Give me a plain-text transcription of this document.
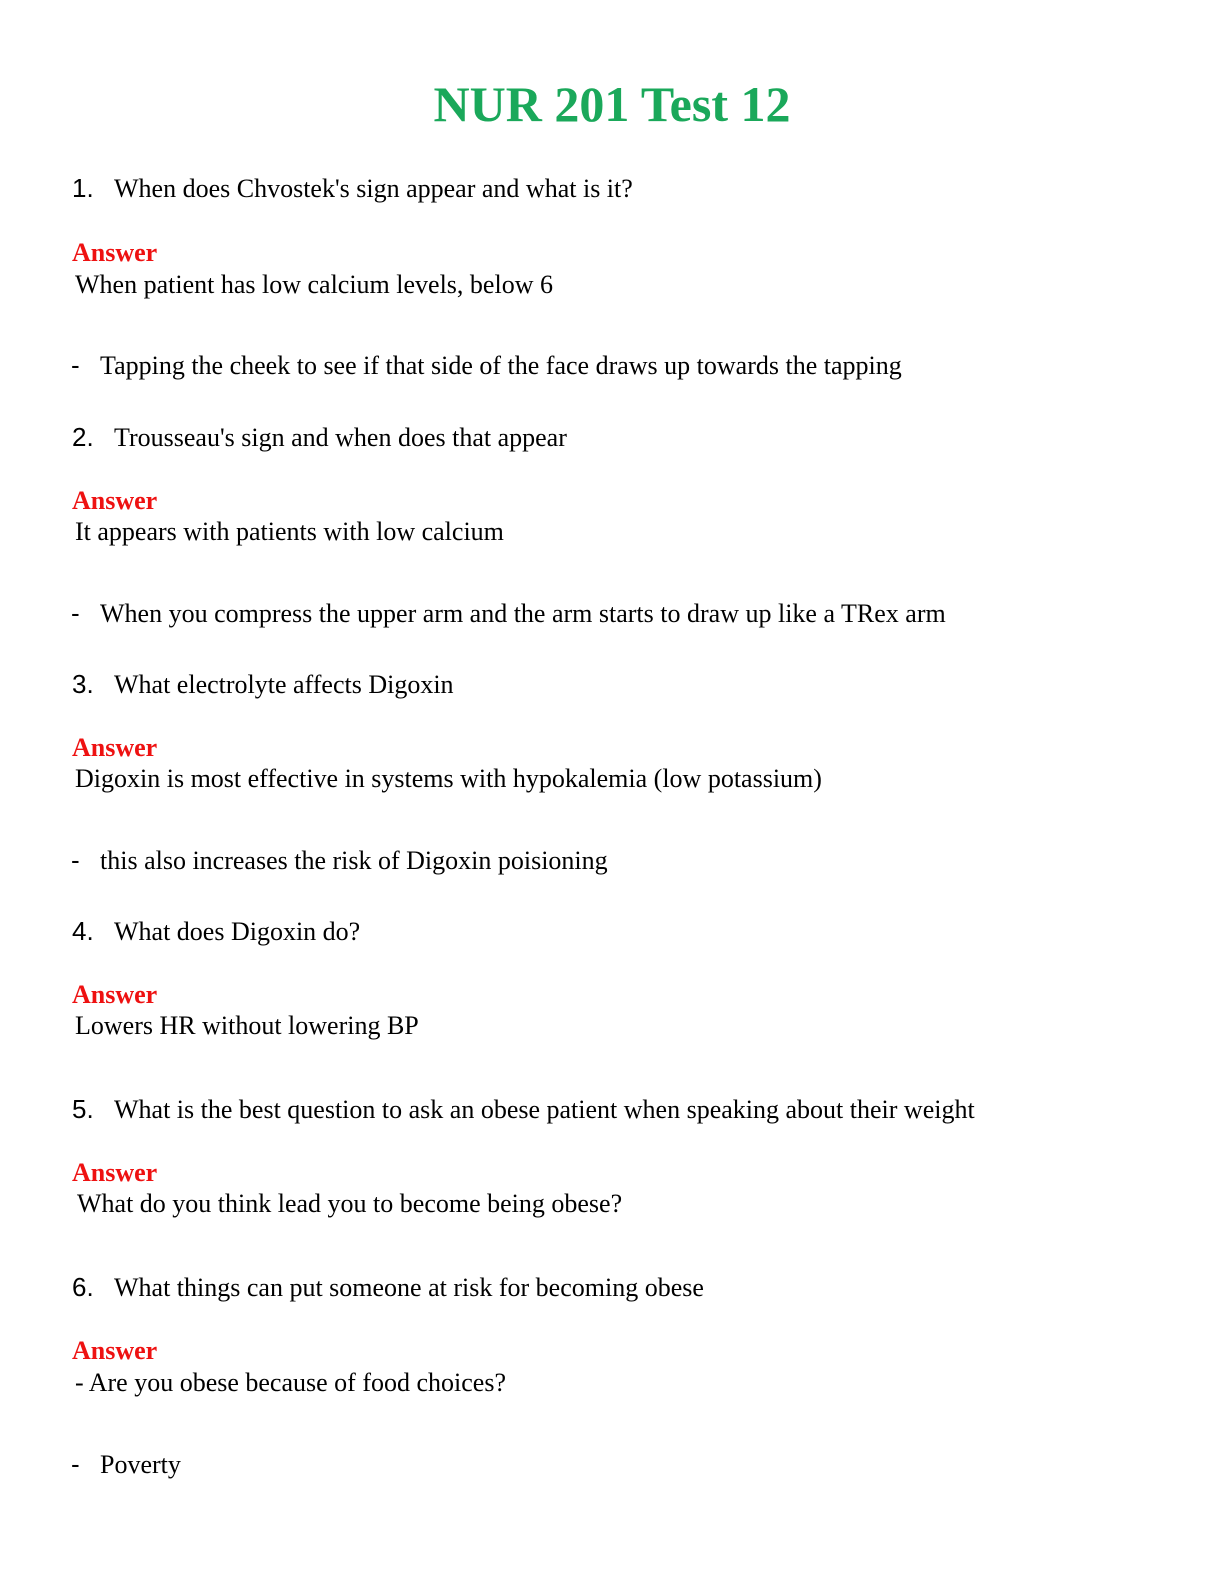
NUR 201 Test 12
1. When does Chvostek's sign appear and what is it?
Answer
When patient has low calcium levels, below 6
- Tapping the cheek to see if that side of the face draws up towards the tapping
2. Trousseau's sign and when does that appear
Answer
It appears with patients with low calcium
- When you compress the upper arm and the arm starts to draw up like a TRex arm
3. What electrolyte affects Digoxin
Answer
Digoxin is most effective in systems with hypokalemia (low potassium)
- this also increases the risk of Digoxin poisioning
4. What does Digoxin do?
Answer
Lowers HR without lowering BP
5. What is the best question to ask an obese patient when speaking about their weight
Answer
What do you think lead you to become being obese?
6. What things can put someone at risk for becoming obese
Answer
- Are you obese because of food choices?
- Poverty
